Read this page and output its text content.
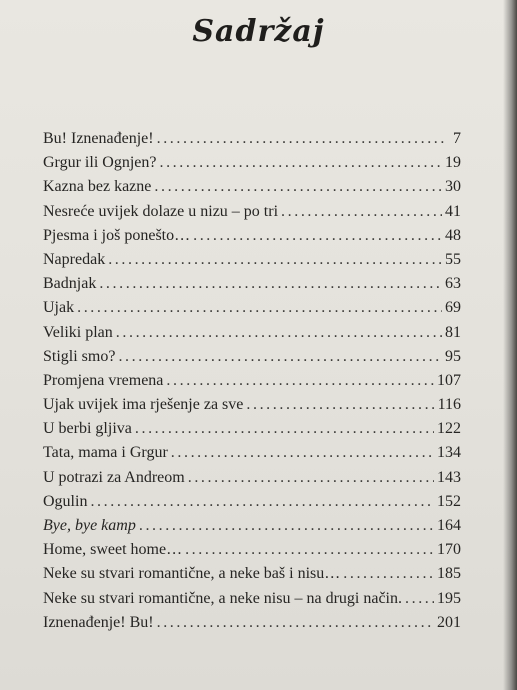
Sadržaj
Bu! Iznenađenje! .....	7
Grgur ili Ognjen? .....	19
Kazna bez kazne .....	30
Nesreće uvijek dolaze u nizu – po tri .....	41
Pjesma i još ponešto… .....	48
Napredak .....	55
Badnjak .....	63
Ujak .....	69
Veliki plan .....	81
Stigli smo? .....	95
Promjena vremena .....	107
Ujak uvijek ima rješenje za sve .....	116
U berbi gljiva .....	122
Tata, mama i Grgur .....	134
U potrazi za Andreom .....	143
Ogulin .....	152
Bye, bye kamp .....	164
Home, sweet home… .....	170
Neke su stvari romantične, a neke baš i nisu… .....	185
Neke su stvari romantične, a neke nisu – na drugi način. ..... 195
Iznenađenje! Bu! .....	201
